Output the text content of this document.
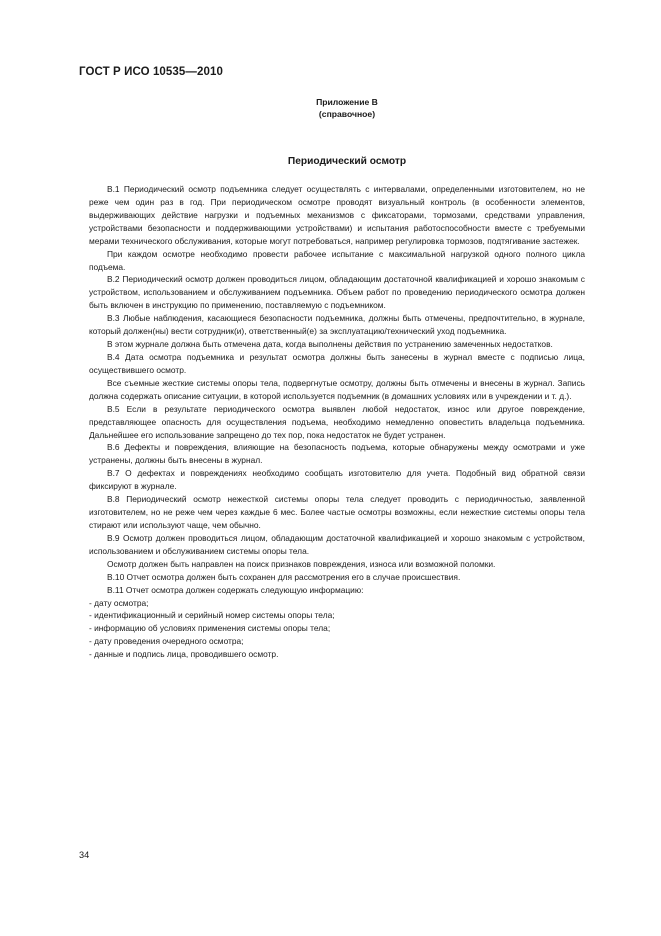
ГОСТ Р ИСО 10535—2010
Приложение В
(справочное)
Периодический осмотр

В.1 Периодический осмотр подъемника следует осуществлять с интервалами, определенными изготовителем, но не реже чем один раз в год. При периодическом осмотре проводят визуальный контроль (в особенности элементов, выдерживающих действие нагрузки и подъемных механизмов с фиксаторами, тормозами, средствами управления, устройствами безопасности и поддерживающими устройствами) и испытания работоспособности вместе с требуемыми мерами технического обслуживания, которые могут потребоваться, например регулировка тормозов, подтягивание застежек.

При каждом осмотре необходимо провести рабочее испытание с максимальной нагрузкой одного полного цикла подъема.

В.2 Периодический осмотр должен проводиться лицом, обладающим достаточной квалификацией и хорошо знакомым с устройством, использованием и обслуживанием подъемника. Объем работ по проведению периодического осмотра должен быть включен в инструкцию по применению, поставляемую с подъемником.

В.3 Любые наблюдения, касающиеся безопасности подъемника, должны быть отмечены, предпочтительно, в журнале, который должен(ны) вести сотрудник(и), ответственный(е) за эксплуатацию/технический уход подъемника.

В этом журнале должна быть отмечена дата, когда выполнены действия по устранению замеченных недостатков.

В.4 Дата осмотра подъемника и результат осмотра должны быть занесены в журнал вместе с подписью лица, осуществившего осмотр.

Все съемные жесткие системы опоры тела, подвергнутые осмотру, должны быть отмечены и внесены в журнал. Запись должна содержать описание ситуации, в которой используется подъемник (в домашних условиях или в учреждении и т. д.).

В.5 Если в результате периодического осмотра выявлен любой недостаток, износ или другое повреждение, представляющее опасность для осуществления подъема, необходимо немедленно оповестить владельца подъемника. Дальнейшее его использование запрещено до тех пор, пока недостаток не будет устранен.

В.6 Дефекты и повреждения, влияющие на безопасность подъема, которые обнаружены между осмотрами и уже устранены, должны быть внесены в журнал.

В.7 О дефектах и повреждениях необходимо сообщать изготовителю для учета. Подобный вид обратной связи фиксируют в журнале.

В.8 Периодический осмотр нежесткой системы опоры тела следует проводить с периодичностью, заявленной изготовителем, но не реже чем через каждые 6 мес. Более частые осмотры возможны, если нежесткие системы опоры тела стирают или используют чаще, чем обычно.

В.9 Осмотр должен проводиться лицом, обладающим достаточной квалификацией и хорошо знакомым с устройством, использованием и обслуживанием системы опоры тела.

Осмотр должен быть направлен на поиск признаков повреждения, износа или возможной поломки.

В.10 Отчет осмотра должен быть сохранен для рассмотрения его в случае происшествия.

В.11 Отчет осмотра должен содержать следующую информацию:

- дату осмотра;

- идентификационный и серийный номер системы опоры тела;

- информацию об условиях применения системы опоры тела;

- дату проведения очередного осмотра;

- данные и подпись лица, проводившего осмотр.

34
